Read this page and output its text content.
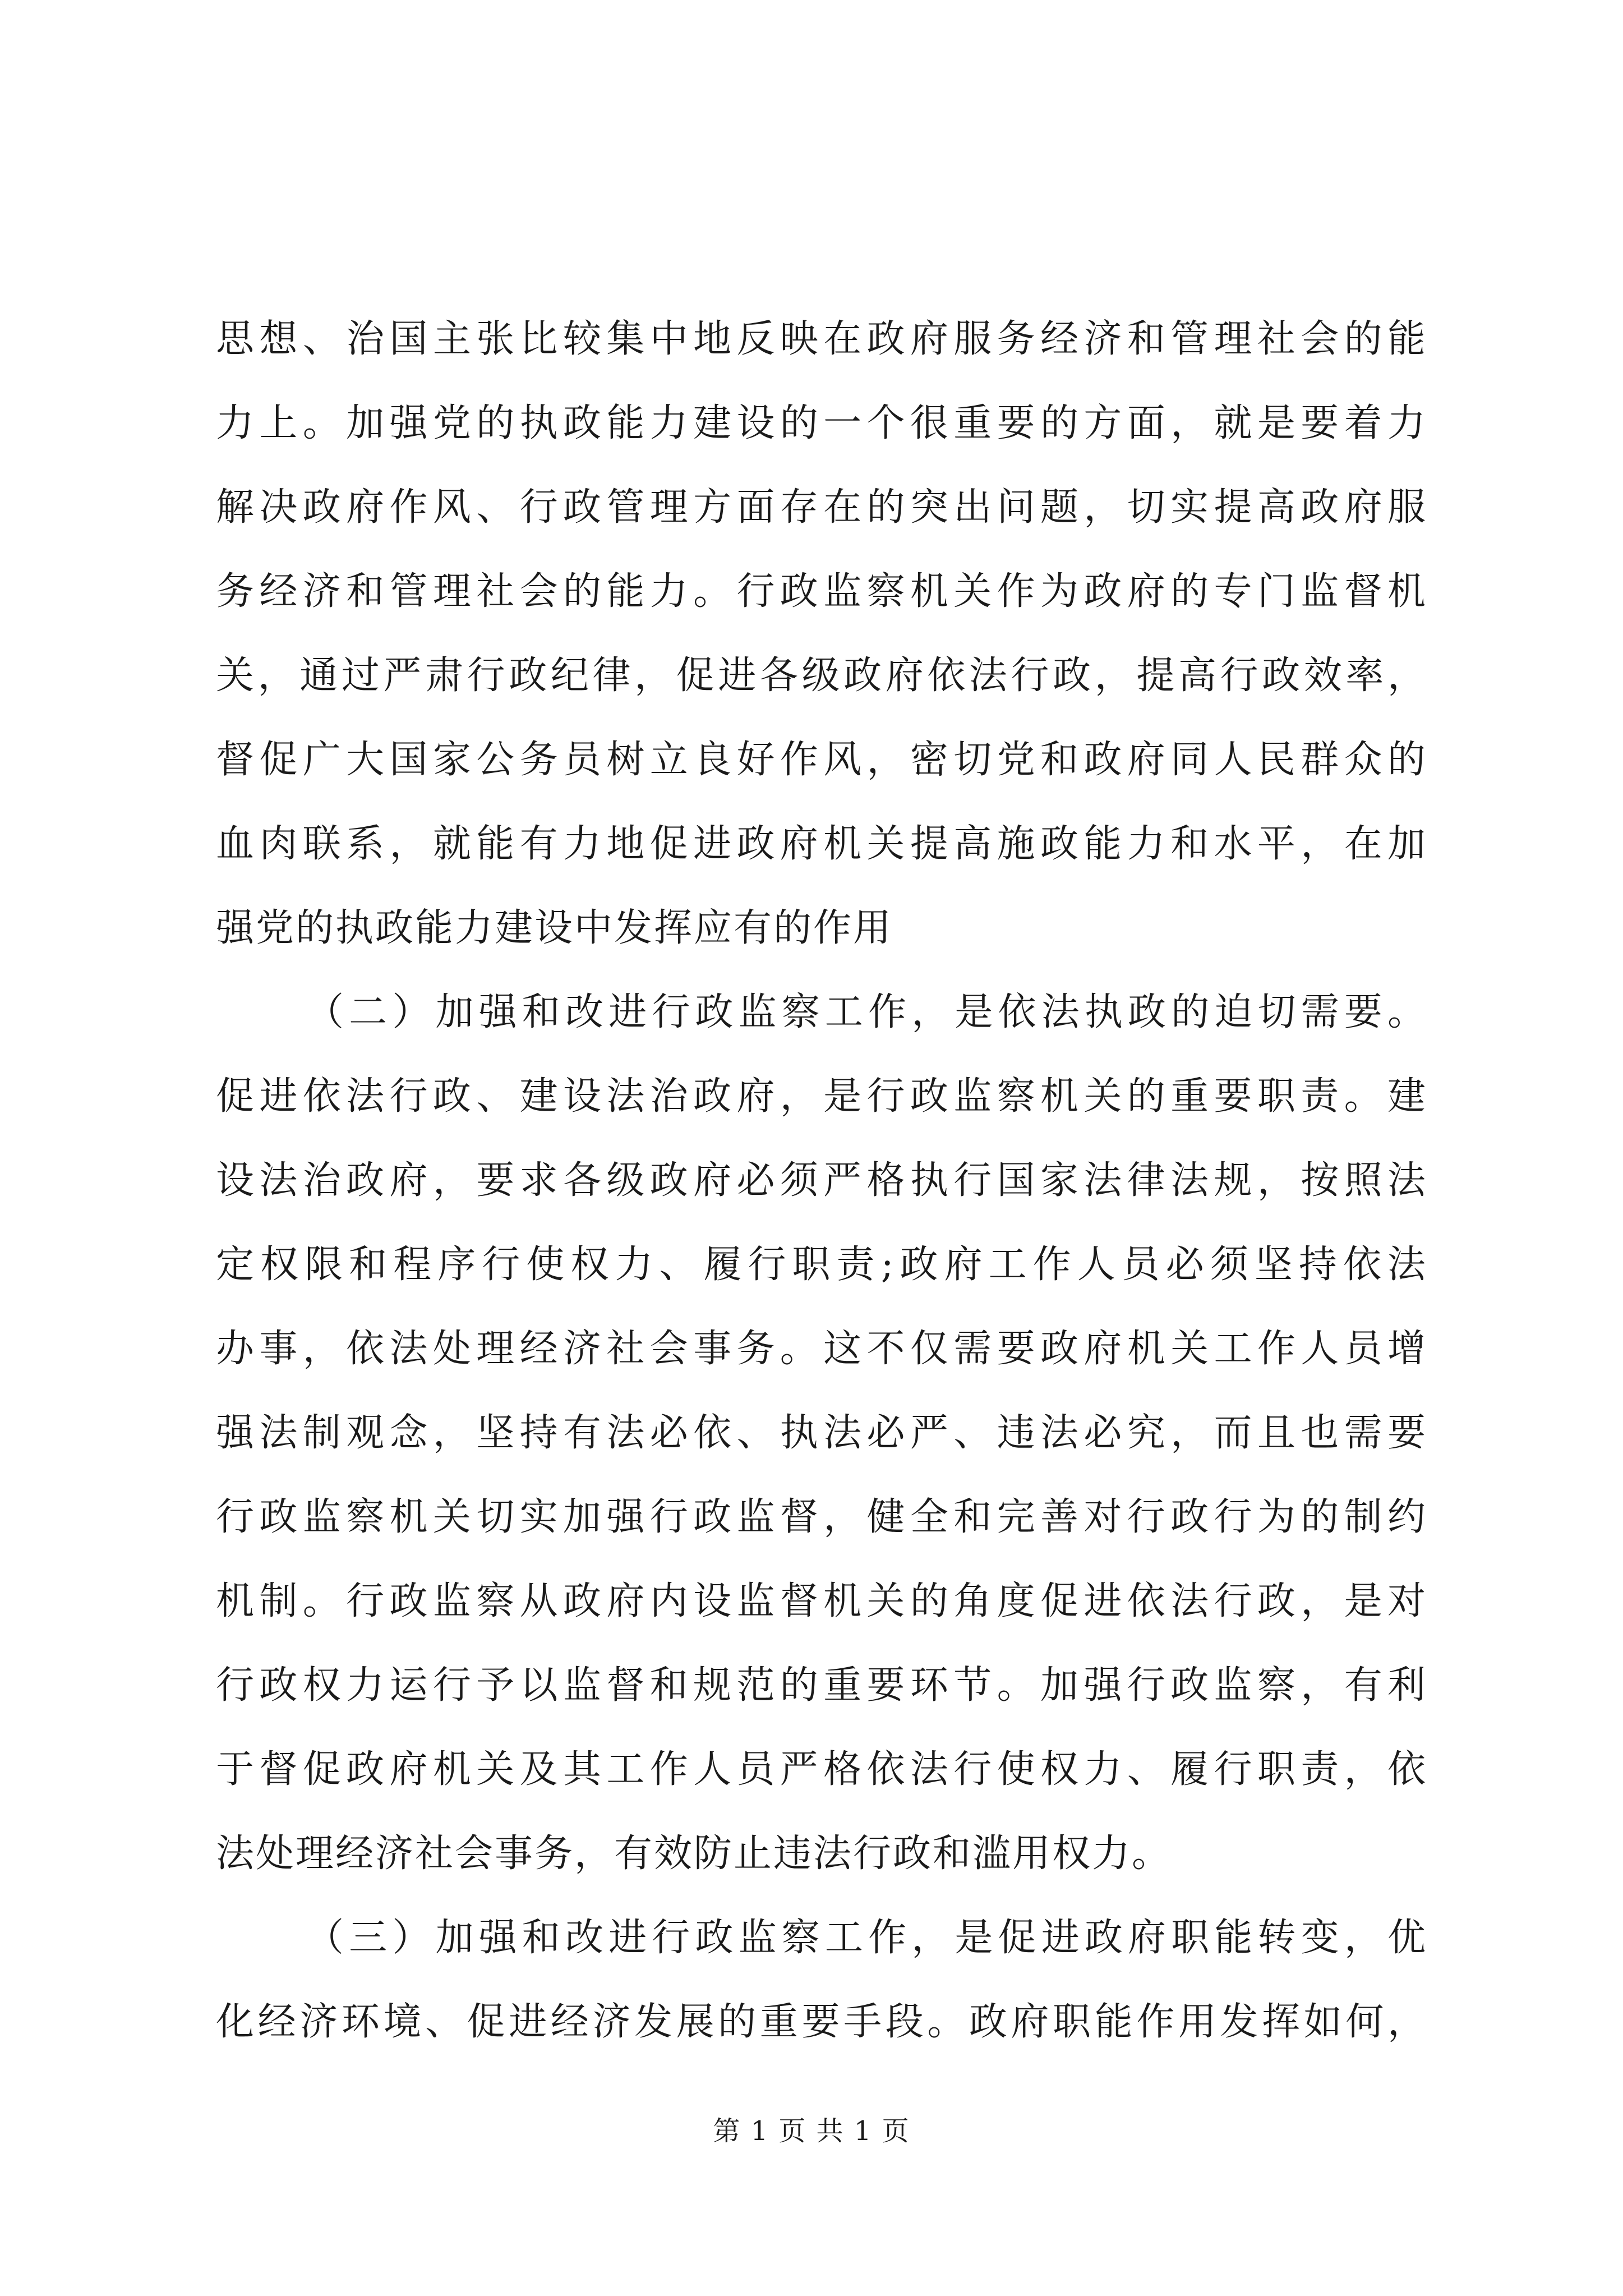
思想、治国主张比较集中地反映在政府服务经济和管理社会的能
力上。加强党的执政能力建设的一个很重要的方面，就是要着力
解决政府作风、行政管理方面存在的突出问题，切实提高政府服
务经济和管理社会的能力。行政监察机关作为政府的专门监督机
关，通过严肃行政纪律，促进各级政府依法行政，提高行政效率，
督促广大国家公务员树立良好作风，密切党和政府同人民群众的
血肉联系，就能有力地促进政府机关提高施政能力和水平，在加
强党的执政能力建设中发挥应有的作用
（二）加强和改进行政监察工作，是依法执政的迫切需要。
促进依法行政、建设法治政府，是行政监察机关的重要职责。建
设法治政府，要求各级政府必须严格执行国家法律法规，按照法
定权限和程序行使权力、履行职责;政府工作人员必须坚持依法
办事，依法处理经济社会事务。这不仅需要政府机关工作人员增
强法制观念，坚持有法必依、执法必严、违法必究，而且也需要
行政监察机关切实加强行政监督，健全和完善对行政行为的制约
机制。行政监察从政府内设监督机关的角度促进依法行政，是对
行政权力运行予以监督和规范的重要环节。加强行政监察，有利
于督促政府机关及其工作人员严格依法行使权力、履行职责，依
法处理经济社会事务，有效防止违法行政和滥用权力。
（三）加强和改进行政监察工作，是促进政府职能转变，优
化经济环境、促进经济发展的重要手段。政府职能作用发挥如何，
第 1 页 共 1 页
